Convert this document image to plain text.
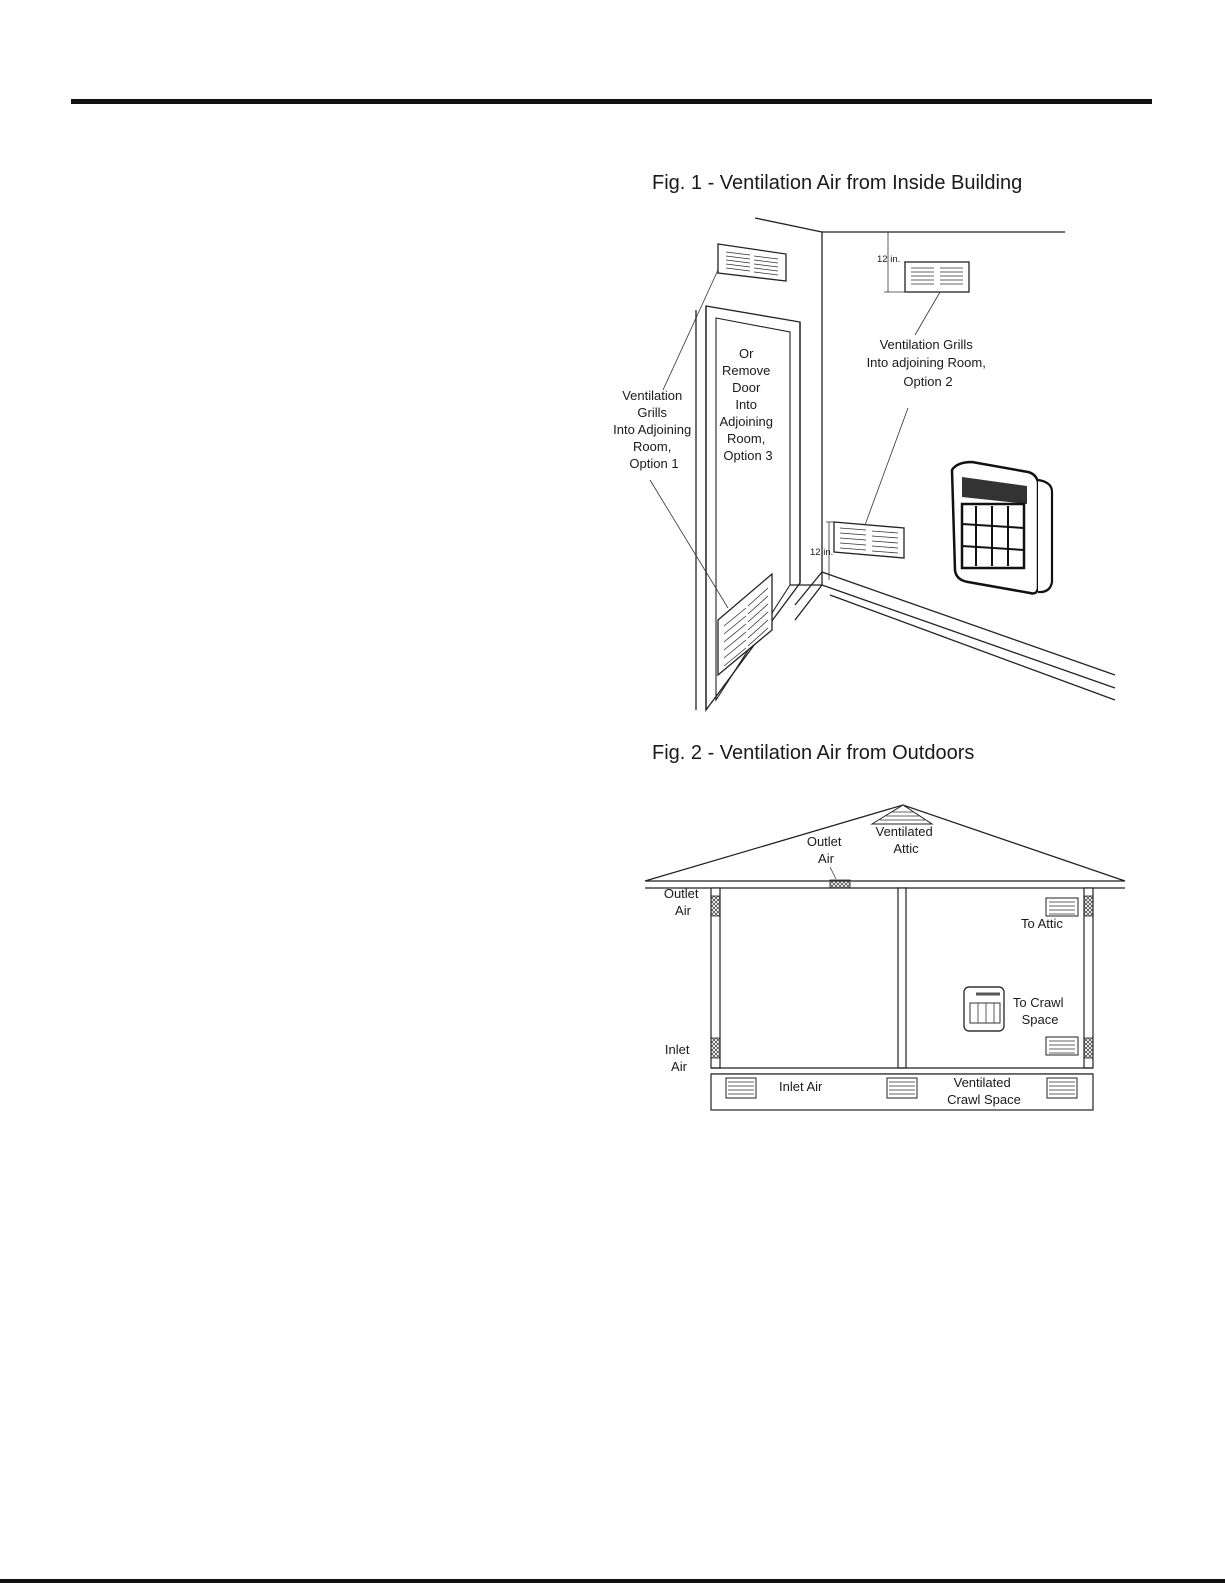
Fig. 1 - Ventilation Air from Inside Building
12 in.
12 in.
Ventilation Grills Into Adjoining Room, Option 1
Ventilation Grills Into adjoining Room, Option 2
Or Remove Door Into Adjoining Room, Option 3
Fig. 2 - Ventilation Air from Outdoors
Ventilated Attic
Outlet Air
Outlet Air
To Attic
To Crawl Space
Inlet Air
Inlet Air	Ventilated Crawl Space
